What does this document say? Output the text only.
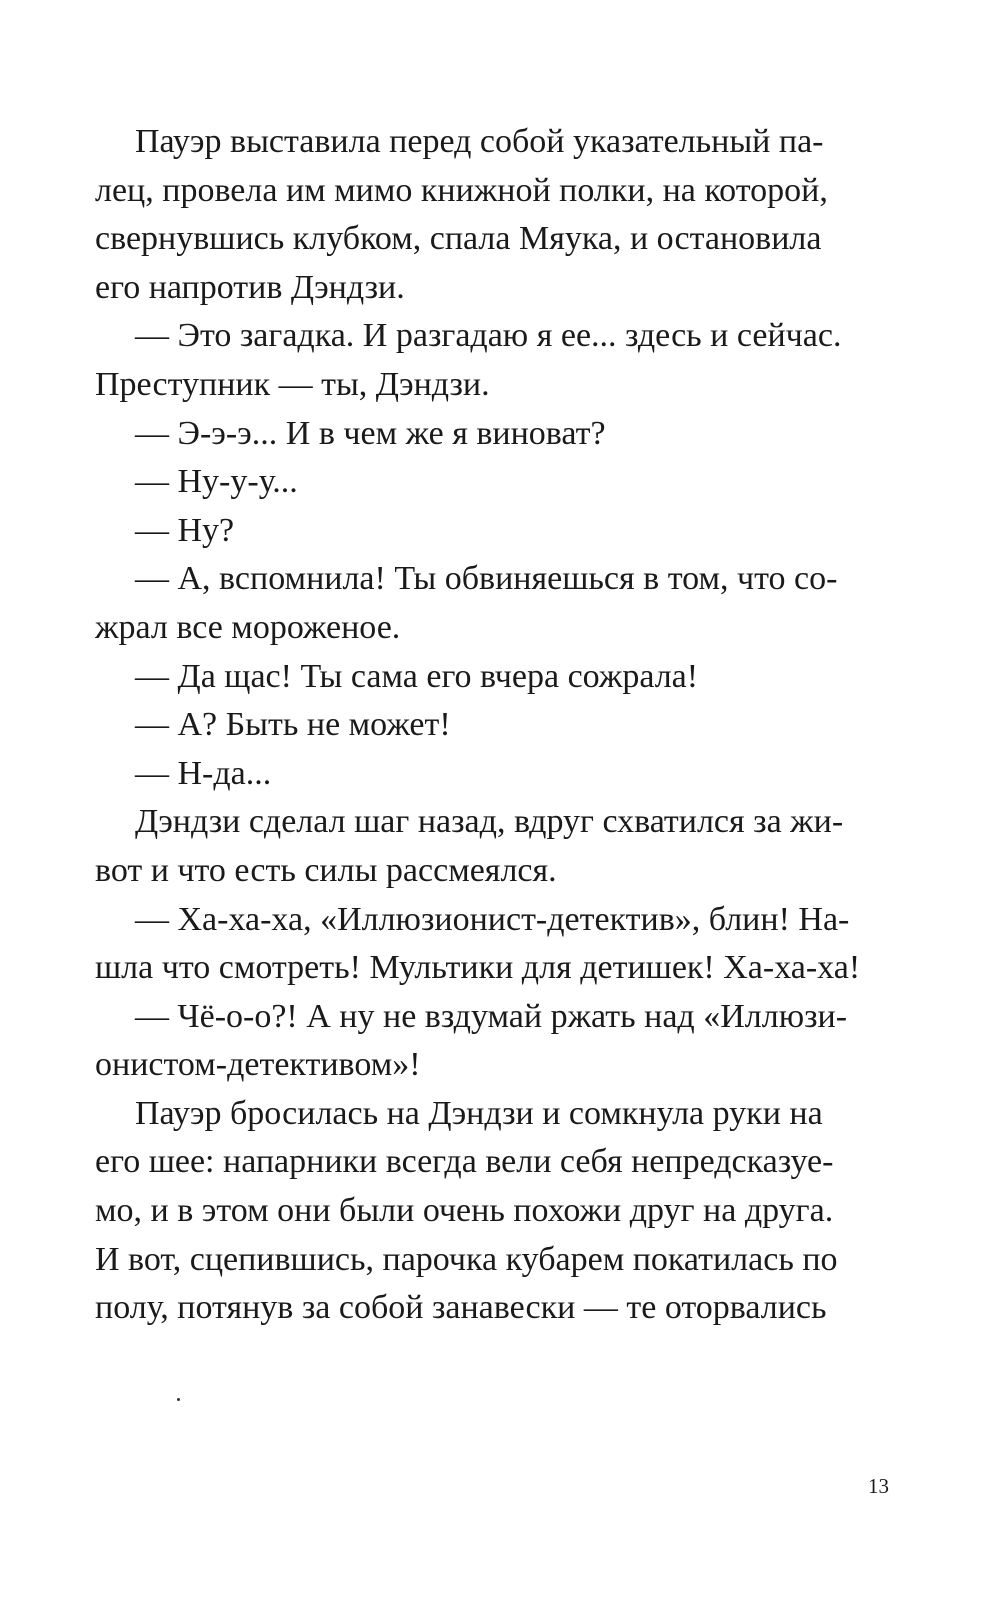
Пауэр выставила перед собой указательный па-
лец, провела им мимо книжной полки, на которой,
свернувшись клубком, спала Мяука, и остановила
его напротив Дэндзи.
— Это загадка. И разгадаю я ее... здесь и сейчас.
Преступник — ты, Дэндзи.
— Э-э-э... И в чем же я виноват?
— Ну-у-у...
— Ну?
— А, вспомнила! Ты обвиняешься в том, что со-
жрал все мороженое.
— Да щас! Ты сама его вчера сожрала!
— А? Быть не может!
— Н-да...
Дэндзи сделал шаг назад, вдруг схватился за жи-
вот и что есть силы рассмеялся.
— Ха-ха-ха, «Иллюзионист-детектив», блин! На-
шла что смотреть! Мультики для детишек! Ха-ха-ха!
— Чё-о-о?! А ну не вздумай ржать над «Иллюзи-
онистом-детективом»!
Пауэр бросилась на Дэндзи и сомкнула руки на
его шее: напарники всегда вели себя непредсказуе-
мо, и в этом они были очень похожи друг на друга.
И вот, сцепившись, парочка кубарем покатилась по
полу, потянув за собой занавески — те оторвались
13
